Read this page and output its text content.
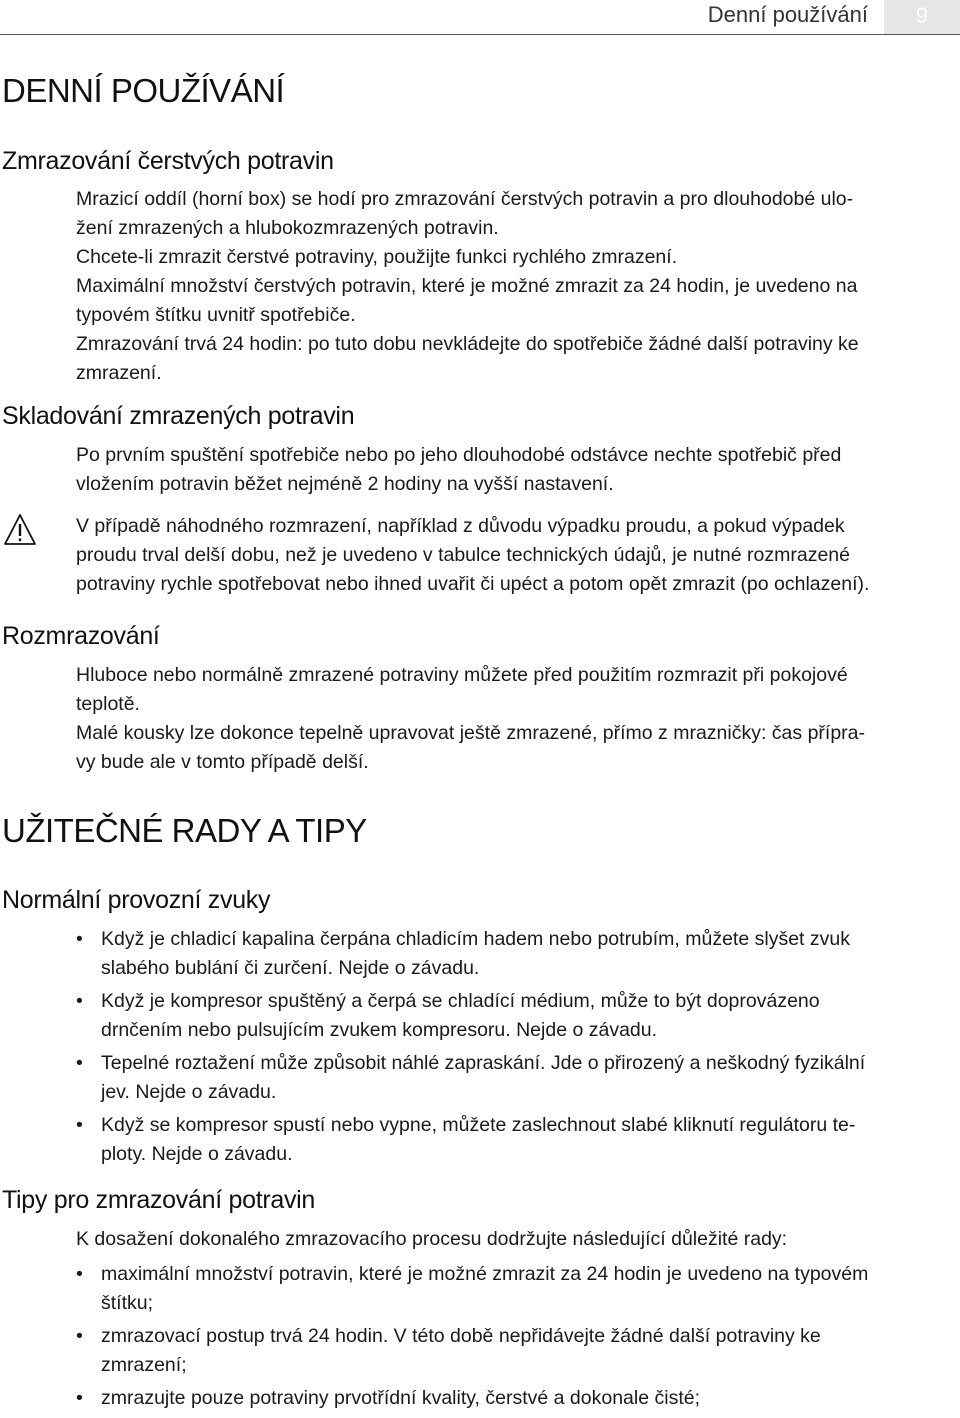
Denní používání	9
DENNÍ POUŽÍVÁNÍ
Zmrazování čerstvých potravin
Mrazicí oddíl (horní box) se hodí pro zmrazování čerstvých potravin a pro dlouhodobé ulo-
žení zmrazených a hlubokozmrazených potravin.
Chcete-li zmrazit čerstvé potraviny, použijte funkci rychlého zmrazení.
Maximální množství čerstvých potravin, které je možné zmrazit za 24 hodin, je uvedeno na
typovém štítku uvnitř spotřebiče.
Zmrazování trvá 24 hodin: po tuto dobu nevkládejte do spotřebiče žádné další potraviny ke
zmrazení.
Skladování zmrazených potravin
Po prvním spuštění spotřebiče nebo po jeho dlouhodobé odstávce nechte spotřebič před
vložením potravin běžet nejméně 2 hodiny na vyšší nastavení.
V případě náhodného rozmrazení, například z důvodu výpadku proudu, a pokud výpadek
proudu trval delší dobu, než je uvedeno v tabulce technických údajů, je nutné rozmrazené
potraviny rychle spotřebovat nebo ihned uvařit či upéct a potom opět zmrazit (po ochlazení).
Rozmrazování
Hluboce nebo normálně zmrazené potraviny můžete před použitím rozmrazit při pokojové
teplotě.
Malé kousky lze dokonce tepelně upravovat ještě zmrazené, přímo z mrazničky: čas přípra-
vy bude ale v tomto případě delší.
UŽITEČNÉ RADY A TIPY
Normální provozní zvuky
• Když je chladicí kapalina čerpána chladicím hadem nebo potrubím, můžete slyšet zvuk
slabého bublání či zurčení. Nejde o závadu.
• Když je kompresor spuštěný a čerpá se chladící médium, může to být doprovázeno
drnčením nebo pulsujícím zvukem kompresoru. Nejde o závadu.
• Tepelné roztažení může způsobit náhlé zapraskání. Jde o přirozený a neškodný fyzikální
jev. Nejde o závadu.
• Když se kompresor spustí nebo vypne, můžete zaslechnout slabé kliknutí regulátoru te-
ploty. Nejde o závadu.
Tipy pro zmrazování potravin
K dosažení dokonalého zmrazovacího procesu dodržujte následující důležité rady:
• maximální množství potravin, které je možné zmrazit za 24 hodin je uvedeno na typovém
štítku;
• zmrazovací postup trvá 24 hodin. V této době nepřidávejte žádné další potraviny ke
zmrazení;
• zmrazujte pouze potraviny prvotřídní kvality, čerstvé a dokonale čisté;
